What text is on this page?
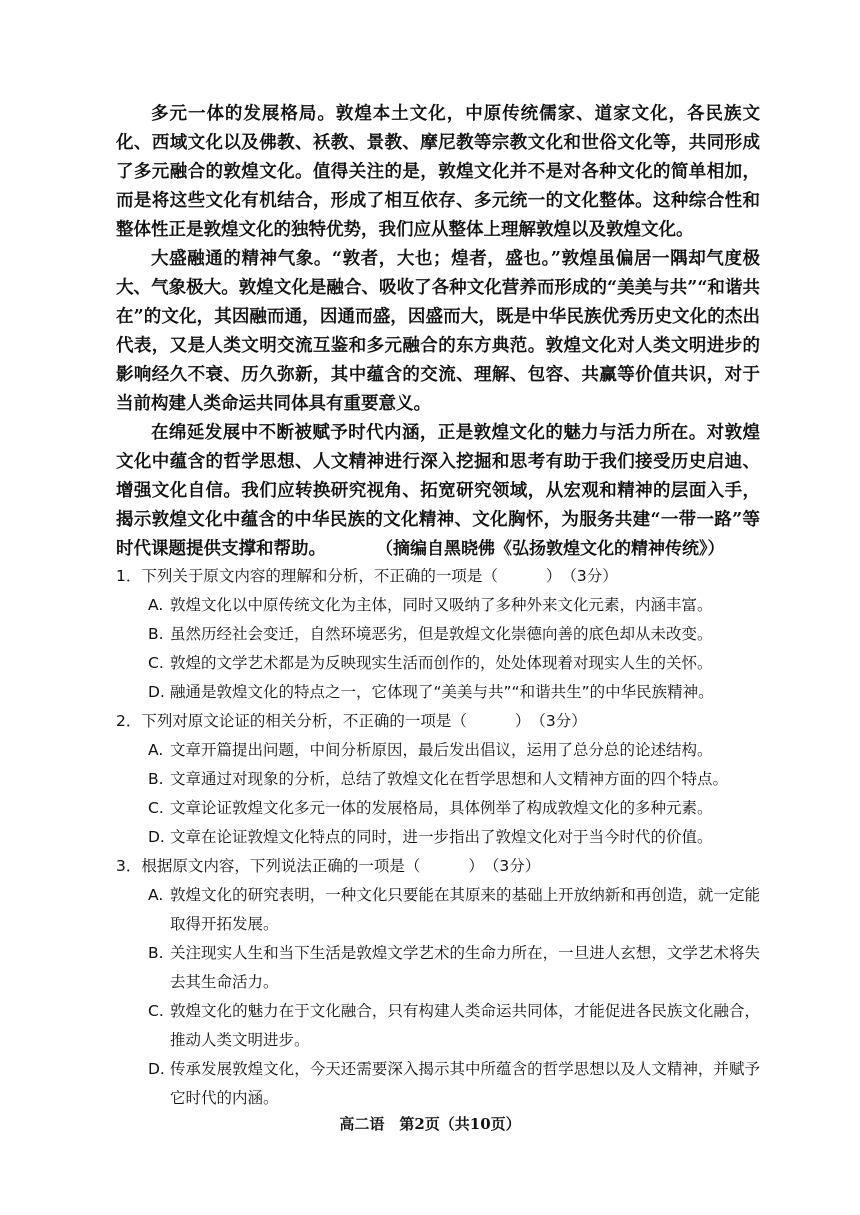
多元一体的发展格局。敦煌本土文化，中原传统儒家、道家文化，各民族文化、西域文化以及佛教、袄教、景教、摩尼教等宗教文化和世俗文化等，共同形成了多元融合的敦煌文化。值得关注的是，敦煌文化并不是对各种文化的简单相加，而是将这些文化有机结合，形成了相互依存、多元统一的文化整体。这种综合性和整体性正是敦煌文化的独特优势，我们应从整体上理解敦煌以及敦煌文化。

大盛融通的精神气象。“敦者，大也；煌者，盛也。”敦煌虽偏居一隅却气度极大、气象极大。敦煌文化是融合、吸收了各种文化营养而形成的“美美与共”“和谐共在”的文化，其因融而通，因通而盛，因盛而大，既是中华民族优秀历史文化的杰出代表，又是人类文明交流互鉴和多元融合的东方典范。敦煌文化对人类文明进步的影响经久不衰、历久弥新，其中蕴含的交流、理解、包容、共赢等价值共识，对于当前构建人类命运共同体具有重要意义。

在绵延发展中不断被赋予时代内涵，正是敦煌文化的魅力与活力所在。对敦煌文化中蕴含的哲学思想、人文精神进行深入挖掘和思考有助于我们接受历史启迪、增强文化自信。我们应转换研究视角、拓宽研究领域，从宏观和精神的层面入手，揭示敦煌文化中蕴含的中华民族的文化精神、文化胸怀，为服务共建“一带一路”等时代课题提供支撑和帮助。	（摘编自黑晓佛《弘扬敦煌文化的精神传统》）
1． 下列关于原文内容的理解和分析，不正确的一项是（	） （3分）
A. 敦煌文化以中原传统文化为主体，同时又吸纳了多种外来文化元素，内涵丰富。
B. 虽然历经社会变迁，自然环境恶劣，但是敦煌文化崇德向善的底色却从未改变。
C. 敦煌的文学艺术都是为反映现实生活而创作的，处处体现着对现实人生的关怀。
D. 融通是敦煌文化的特点之一，它体现了“美美与共”“和谐共生”的中华民族精神。
2． 下列对原文论证的相关分析，不正确的一项是（	） （3分）
A. 文章开篇提出问题，中间分析原因，最后发出倡议，运用了总分总的论述结构。
B. 文章通过对现象的分析，总结了敦煌文化在哲学思想和人文精神方面的四个特点。
C. 文章论证敦煌文化多元一体的发展格局，具体例举了构成敦煌文化的多种元素。
D. 文章在论证敦煌文化特点的同时，进一步指出了敦煌文化对于当今时代的价值。
3． 根据原文内容，下列说法正确的一项是（	） （3分）
A. 敦煌文化的研究表明，一种文化只要能在其原来的基础上开放纳新和再创造，就一定能取得开拓发展。
B. 关注现实人生和当下生活是敦煌文学艺术的生命力所在，一旦进人玄想，文学艺术将失去其生命活力。
C. 敦煌文化的魅力在于文化融合，只有构建人类命运共同体，才能促进各民族文化融合，推动人类文明进步。
D. 传承发展敦煌文化，今天还需要深入揭示其中所蕴含的哲学思想以及人文精神，并赋予它时代的内涵。
高二语　第2页（共10页）
